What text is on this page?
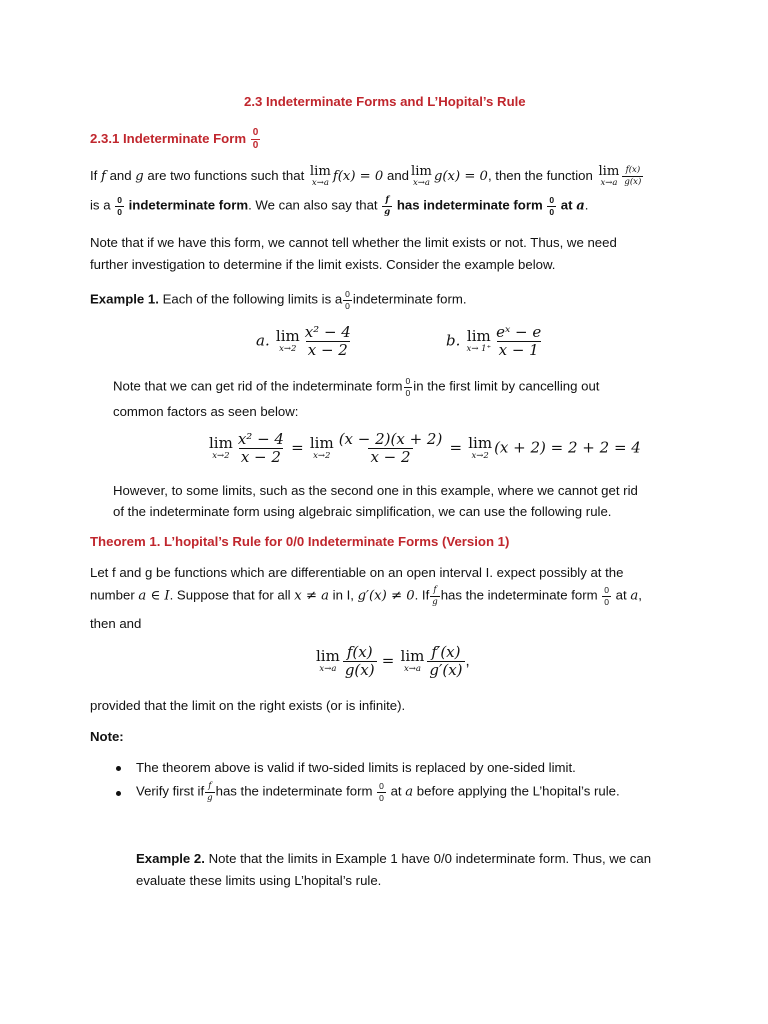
2.3 Indeterminate Forms and L’Hopital’s Rule
2.3.1 Indeterminate Form $\frac{0}{0}$
If f and g are two functions such that lim
x→a f(x) = 0 and lim
x→a g(x) = 0, then the function lim
$x\to a \frac{f(x)}{g(x)}$
is a $\frac{0}{0}$ indeterminate form. We can also say that $\frac{f}{g}$ has indeterminate form $\frac{0}{0}$ at a.
Note that if we have this form, we cannot tell whether the limit exists or not. Thus, we need
further investigation to determine if the limit exists. Consider the example below.
Example 1. Each of the following limits is a $\frac{0}{0}$ indeterminate form.
a. lim
$x\to 2 \frac{\text{x² − 4}}{x - 2}$	b. lim
$x\to 1^+ \frac{\text{eˣ − e}}{x - 1}$
Note that we can get rid of the indeterminate form $\frac{0}{0}$ in the first limit by cancelling out
common factors as seen below:
lim
$x\to 2 \frac{\text{x² − 4}}{x - 2} = \lim$
$x\to 2 \frac{(x - 2)(x + 2)}{x - 2} = \lim$
x→2 (x + 2) = 2 + 2 = 4
However, to some limits, such as the second one in this example, where we cannot get rid
of the indeterminate form using algebraic simplification, we can use the following rule.
Theorem 1. L’hopital’s Rule for 0/0 Indeterminate Forms (Version 1)
Let f and g be functions which are differentiable on an open interval I. expect possibly at the
number a ∈ I. Suppose that for all x ≠ a in I, g′(x) ≠ 0. If $\frac{f}{g}$ has the indeterminate form $\frac{0}{0}$ at a,
then and
lim
$x\to a \frac{f(x)}{g(x)} = \lim$
$x\to a \frac{f'(x)}{g'(x)}$ ,
provided that the limit on the right exists (or is infinite).
Note:
The theorem above is valid if two-sided limits is replaced by one-sided limit.
Verify first if $\frac{f}{g}$ has the indeterminate form $\frac{0}{0}$ at a before applying the L’hopital’s rule.
Example 2. Note that the limits in Example 1 have 0/0 indeterminate form. Thus, we can
evaluate these limits using L’hopital’s rule.
